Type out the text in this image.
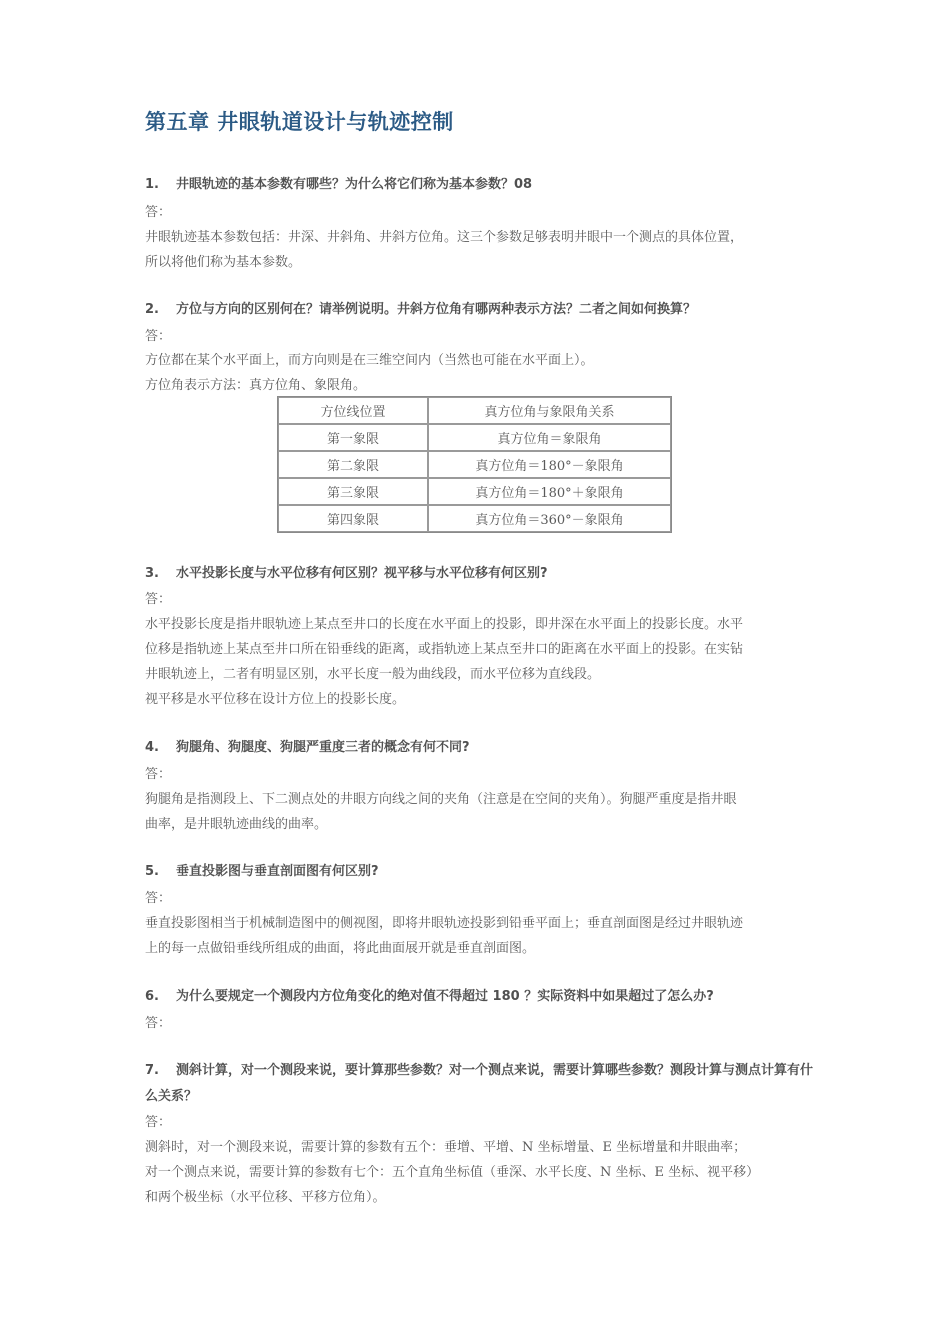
第五章 井眼轨道设计与轨迹控制
1. 井眼轨迹的基本参数有哪些？为什么将它们称为基本参数？08
答：
井眼轨迹基本参数包括：井深、井斜角、井斜方位角。这三个参数足够表明井眼中一个测点的具体位置，
所以将他们称为基本参数。
2. 方位与方向的区别何在？请举例说明。井斜方位角有哪两种表示方法？二者之间如何换算？
答：
方位都在某个水平面上，而方向则是在三维空间内（当然也可能在水平面上）。
方位角表示方法：真方位角、象限角。
方位线位置	真方位角与象限角关系
第一象限	真方位角＝象限角
第二象限	真方位角＝180°－象限角
第三象限	真方位角＝180°＋象限角
第四象限	真方位角＝360°－象限角
3. 水平投影长度与水平位移有何区别？视平移与水平位移有何区别?
答：
水平投影长度是指井眼轨迹上某点至井口的长度在水平面上的投影，即井深在水平面上的投影长度。水平
位移是指轨迹上某点至井口所在铅垂线的距离，或指轨迹上某点至井口的距离在水平面上的投影。在实钻
井眼轨迹上，二者有明显区别，水平长度一般为曲线段，而水平位移为直线段。
视平移是水平位移在设计方位上的投影长度。
4. 狗腿角、狗腿度、狗腿严重度三者的概念有何不同?
答：
狗腿角是指测段上、下二测点处的井眼方向线之间的夹角（注意是在空间的夹角）。狗腿严重度是指井眼
曲率，是井眼轨迹曲线的曲率。
5. 垂直投影图与垂直剖面图有何区别?
答：
垂直投影图相当于机械制造图中的侧视图，即将井眼轨迹投影到铅垂平面上；垂直剖面图是经过井眼轨迹
上的每一点做铅垂线所组成的曲面，将此曲面展开就是垂直剖面图。
6. 为什么要规定一个测段内方位角变化的绝对值不得超过 180 ？实际资料中如果超过了怎么办?
答：
7. 测斜计算，对一个测段来说，要计算那些参数？对一个测点来说，需要计算哪些参数？测段计算与测点计算有什么关系？
答：
测斜时，对一个测段来说，需要计算的参数有五个：垂增、平增、N 坐标增量、E 坐标增量和井眼曲率；
对一个测点来说，需要计算的参数有七个：五个直角坐标值（垂深、水平长度、N 坐标、E 坐标、视平移）
和两个极坐标（水平位移、平移方位角）。
